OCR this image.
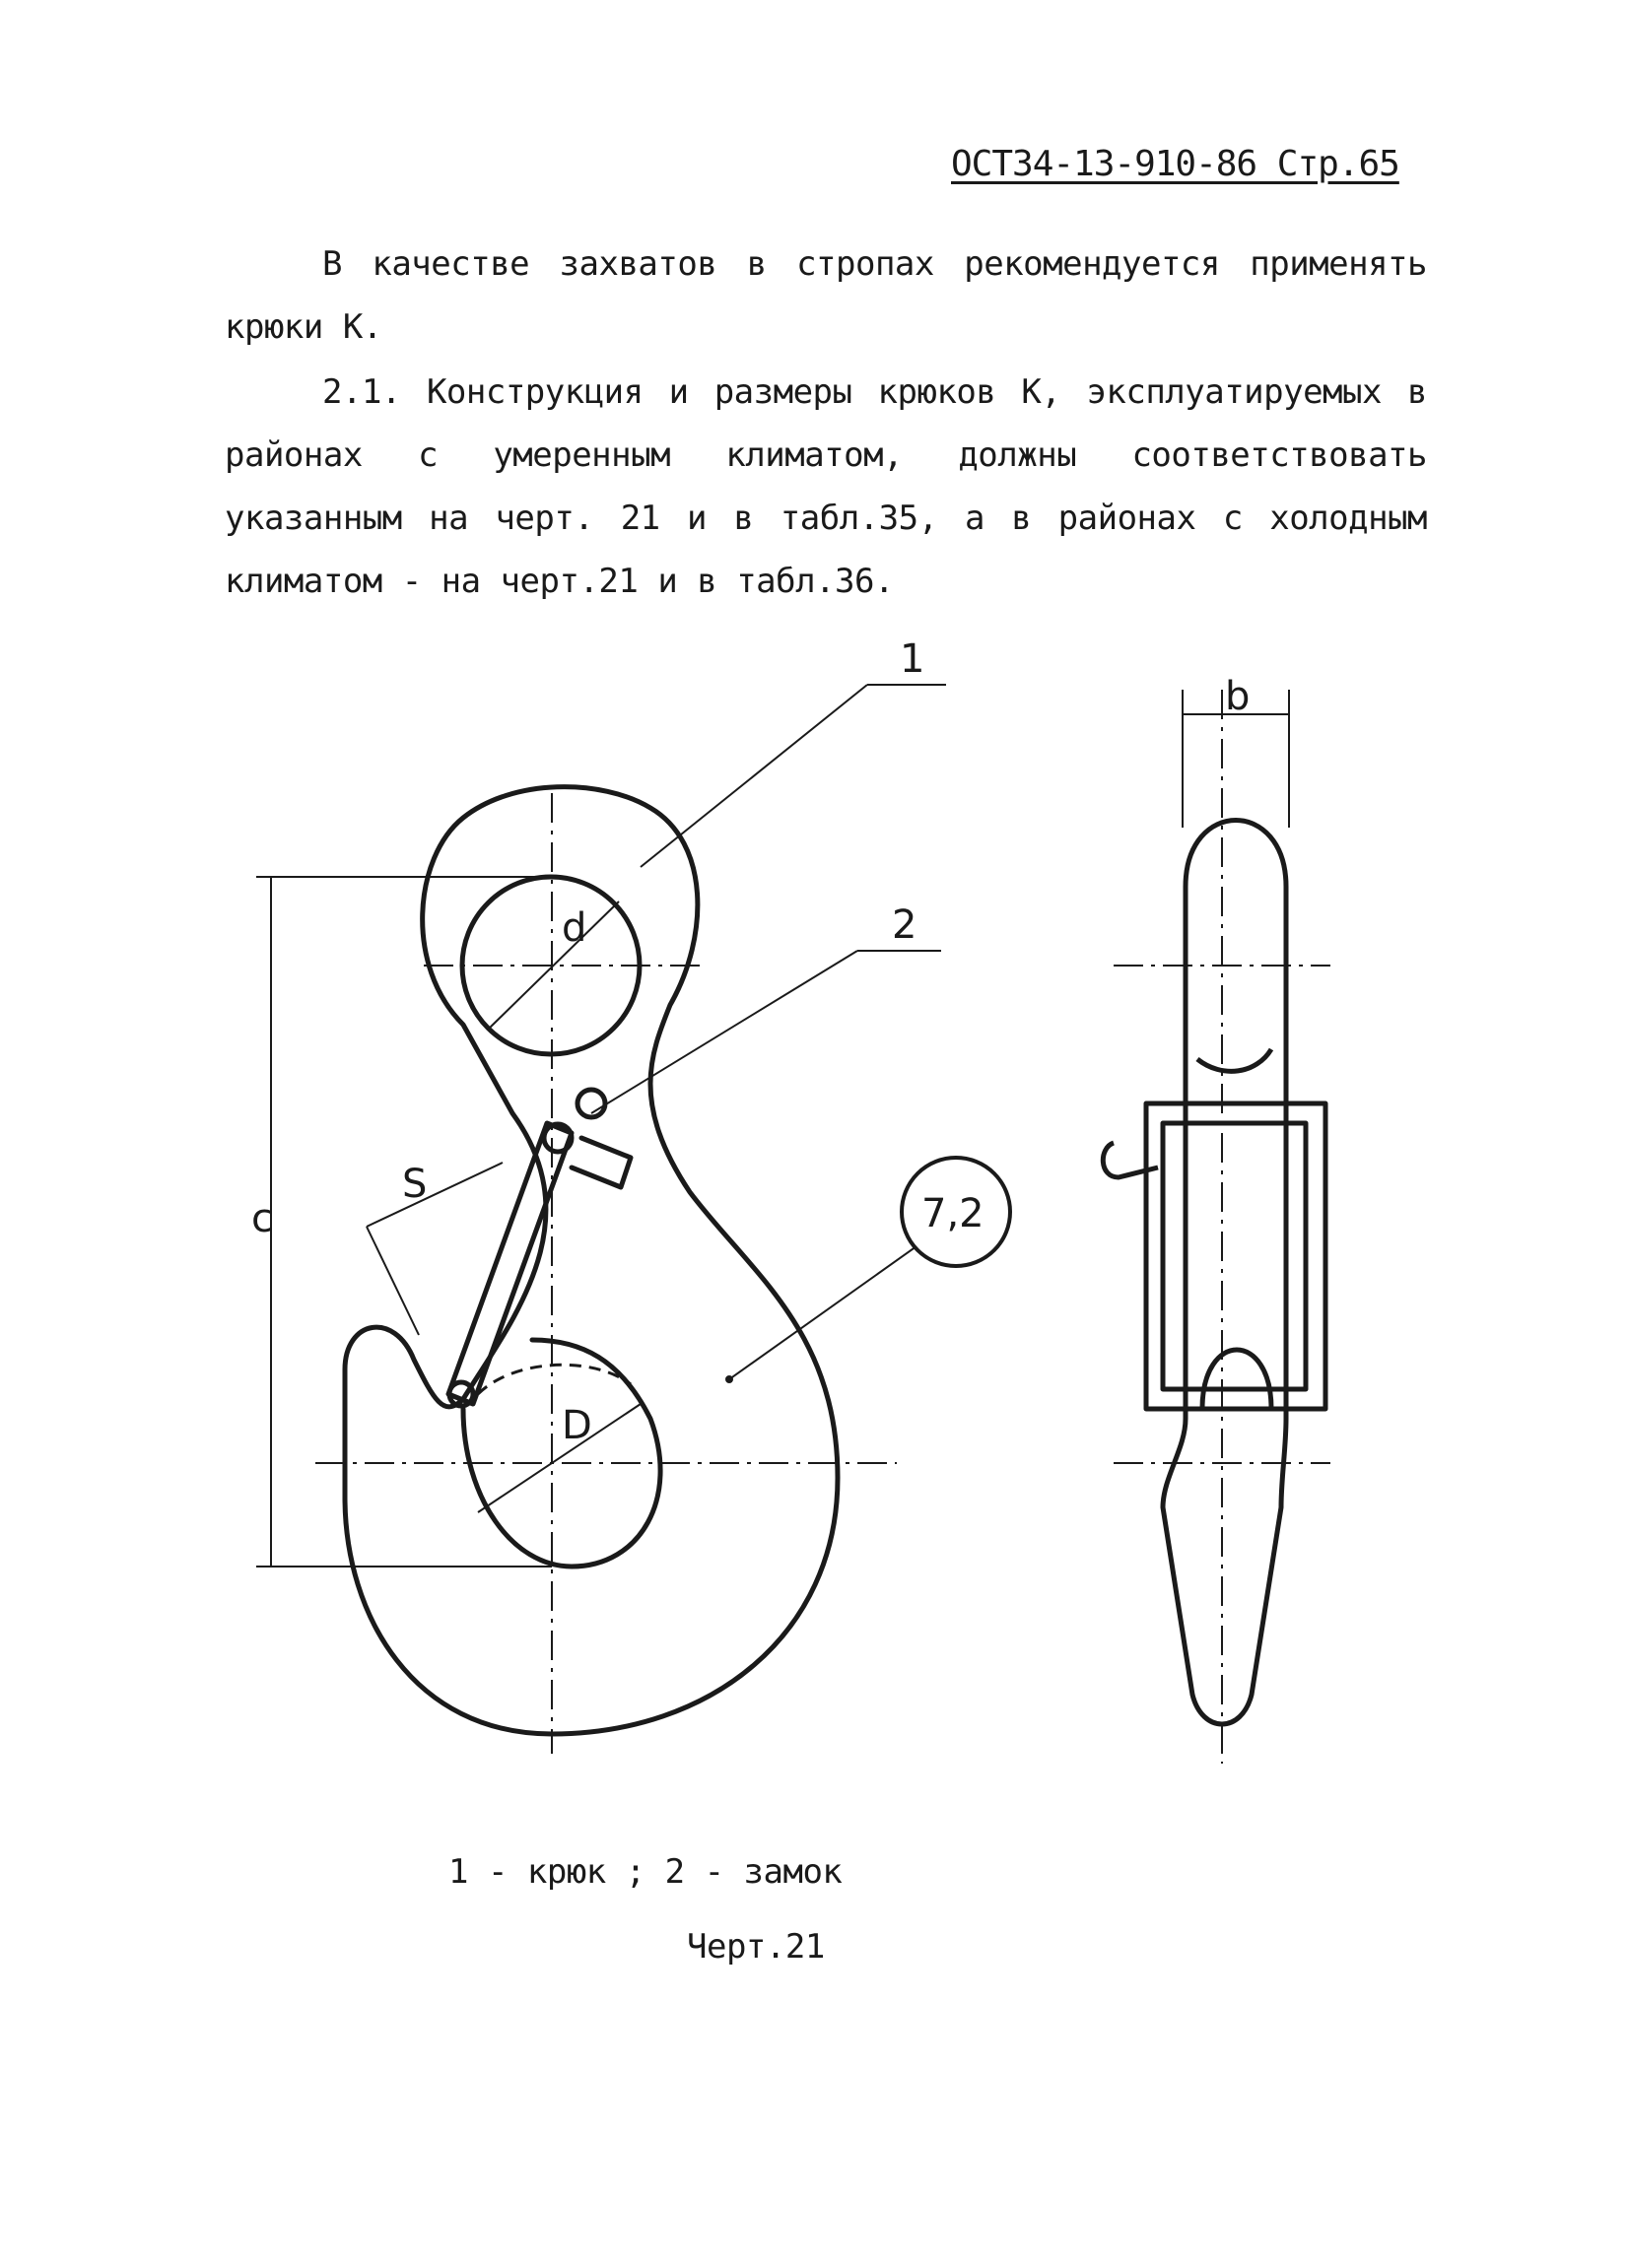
ОСТ34-13-910-86 Стр.65
В качестве захватов в стропах рекомендуется применять крюки К.
2.1. Конструкция и размеры крюков К, эксплуатируемых в районах с умеренным климатом, должны соответствовать указанным на черт. 21 и в табл.35, а в районах с холодным климатом - на черт.21 и в табл.36.
1
2
b
d
D
S
c	7,2
1 - крюк ; 2 - замок
Черт.21
